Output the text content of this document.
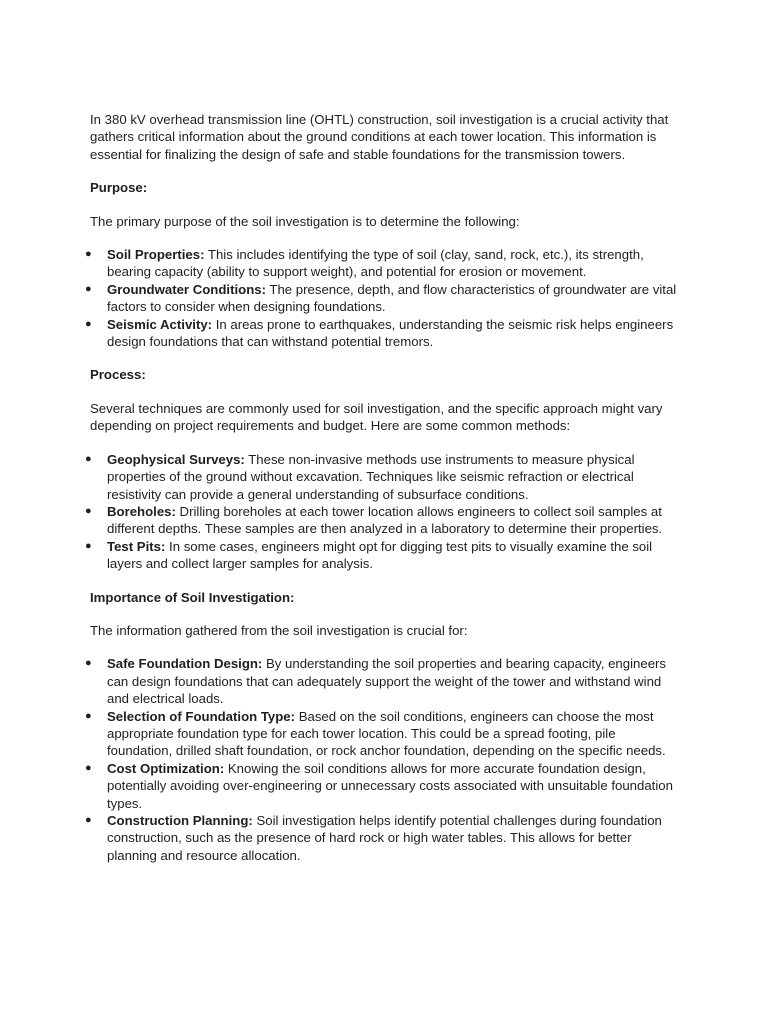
In 380 kV overhead transmission line (OHTL) construction, soil investigation is a crucial activity that gathers critical information about the ground conditions at each tower location. This information is essential for finalizing the design of safe and stable foundations for the transmission towers.

Purpose:

The primary purpose of the soil investigation is to determine the following:

● Soil Properties: This includes identifying the type of soil (clay, sand, rock, etc.), its strength, bearing capacity (ability to support weight), and potential for erosion or movement.
● Groundwater Conditions: The presence, depth, and flow characteristics of groundwater are vital factors to consider when designing foundations.
● Seismic Activity: In areas prone to earthquakes, understanding the seismic risk helps engineers design foundations that can withstand potential tremors.

Process:

Several techniques are commonly used for soil investigation, and the specific approach might vary depending on project requirements and budget. Here are some common methods:

● Geophysical Surveys: These non-invasive methods use instruments to measure physical properties of the ground without excavation. Techniques like seismic refraction or electrical resistivity can provide a general understanding of subsurface conditions.
● Boreholes: Drilling boreholes at each tower location allows engineers to collect soil samples at different depths. These samples are then analyzed in a laboratory to determine their properties.
● Test Pits: In some cases, engineers might opt for digging test pits to visually examine the soil layers and collect larger samples for analysis.

Importance of Soil Investigation:

The information gathered from the soil investigation is crucial for:

● Safe Foundation Design: By understanding the soil properties and bearing capacity, engineers can design foundations that can adequately support the weight of the tower and withstand wind and electrical loads.
● Selection of Foundation Type: Based on the soil conditions, engineers can choose the most appropriate foundation type for each tower location. This could be a spread footing, pile foundation, drilled shaft foundation, or rock anchor foundation, depending on the specific needs.
● Cost Optimization: Knowing the soil conditions allows for more accurate foundation design, potentially avoiding over-engineering or unnecessary costs associated with unsuitable foundation types.
● Construction Planning: Soil investigation helps identify potential challenges during foundation construction, such as the presence of hard rock or high water tables. This allows for better planning and resource allocation.
